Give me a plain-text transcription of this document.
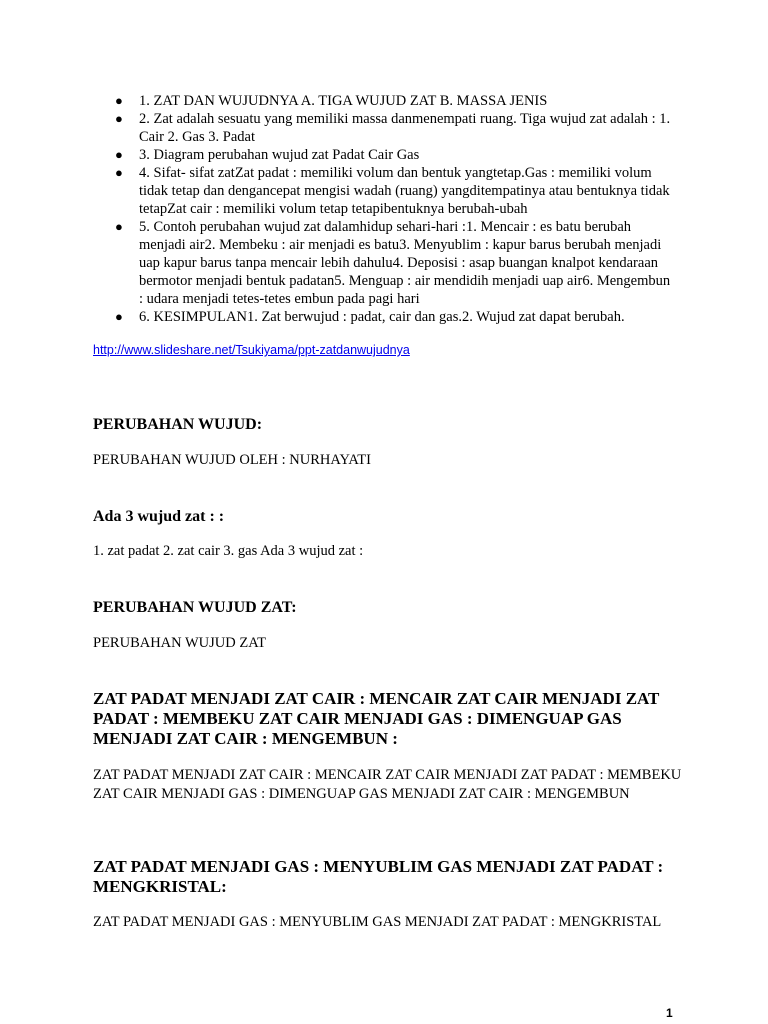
● 1. ZAT DAN WUJUDNYA A. TIGA WUJUD ZAT B. MASSA JENIS
● 2. Zat adalah sesuatu yang memiliki massa danmenempati ruang. Tiga wujud zat adalah : 1. Cair 2. Gas 3. Padat
● 3. Diagram perubahan wujud zat Padat Cair Gas
● 4. Sifat- sifat zatZat padat : memiliki volum dan bentuk yangtetap.Gas : memiliki volum tidak tetap dan dengancepat mengisi wadah (ruang) yangditempatinya atau bentuknya tidak tetapZat cair : memiliki volum tetap tetapibentuknya berubah-ubah
● 5. Contoh perubahan wujud zat dalamhidup sehari-hari :1. Mencair : es batu berubah menjadi air2. Membeku : air menjadi es batu3. Menyublim : kapur barus berubah menjadi uap kapur barus tanpa mencair lebih dahulu4. Deposisi : asap buangan knalpot kendaraan bermotor menjadi bentuk padatan5. Menguap : air mendidih menjadi uap air6. Mengembun : udara menjadi tetes-tetes embun pada pagi hari
● 6. KESIMPULAN1. Zat berwujud : padat, cair dan gas.2. Wujud zat dapat berubah.
http://www.slideshare.net/Tsukiyama/ppt-zatdanwujudnya
PERUBAHAN WUJUD:
PERUBAHAN WUJUD OLEH : NURHAYATI
Ada 3 wujud zat : :
1. zat padat 2. zat cair 3. gas Ada 3 wujud zat :
PERUBAHAN WUJUD ZAT:
PERUBAHAN WUJUD ZAT
ZAT PADAT MENJADI ZAT CAIR : MENCAIR ZAT CAIR MENJADI ZAT PADAT : MEMBEKU ZAT CAIR MENJADI GAS : DIMENGUAP GAS MENJADI ZAT CAIR : MENGEMBUN :
ZAT PADAT MENJADI ZAT CAIR : MENCAIR ZAT CAIR MENJADI ZAT PADAT : MEMBEKU ZAT CAIR MENJADI GAS : DIMENGUAP GAS MENJADI ZAT CAIR : MENGEMBUN
ZAT PADAT MENJADI GAS : MENYUBLIM GAS MENJADI ZAT PADAT : MENGKRISTAL:
ZAT PADAT MENJADI GAS : MENYUBLIM GAS MENJADI ZAT PADAT : MENGKRISTAL
1
